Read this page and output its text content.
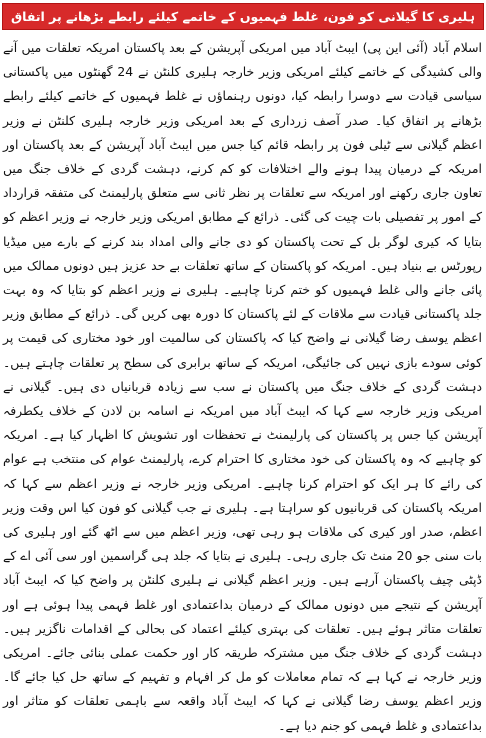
ہلیری کا گیلانی کو فون، غلط فہمیوں کے خاتمے کیلئے رابطے بڑھانے پر اتفاق

اسلام آباد (آئی این پی) ایبٹ آباد میں امریکی آپریشن کے بعد پاکستان امریکہ تعلقات میں آنے والی کشیدگی کے خاتمے کیلئے امریکی وزیر خارجہ ہلیری کلنٹن نے 24 گھنٹوں میں پاکستانی سیاسی قیادت سے دوسرا رابطہ کیا، دونوں رہنماؤں نے غلط فہمیوں کے خاتمے کیلئے رابطے بڑھانے پر اتفاق کیا۔ صدر آصف زرداری کے بعد امریکی وزیر خارجہ ہلیری کلنٹن نے وزیر اعظم گیلانی سے ٹیلی فون پر رابطہ قائم کیا جس میں ایبٹ آباد آپریشن کے بعد پاکستان اور امریکہ کے درمیان پیدا ہونے والے اختلافات کو کم کرنے، دہشت گردی کے خلاف جنگ میں تعاون جاری رکھنے اور امریکہ سے تعلقات پر نظر ثانی سے متعلق پارلیمنٹ کی متفقہ قرارداد کے امور پر تفصیلی بات چیت کی گئی۔ ذرائع کے مطابق امریکی وزیر خارجہ نے وزیر اعظم کو بتایا کہ کیری لوگر بل کے تحت پاکستان کو دی جانے والی امداد بند کرنے کے بارے میں میڈیا رپورٹس بے بنیاد ہیں۔ امریکہ کو پاکستان کے ساتھ تعلقات بے حد عزیز ہیں دونوں ممالک میں پائی جانے والی غلط فہمیوں کو ختم کرنا چاہیے۔ ہلیری نے وزیر اعظم کو بتایا کہ وہ بہت جلد پاکستانی قیادت سے ملاقات کے لئے پاکستان کا دورہ بھی کریں گی۔ ذرائع کے مطابق وزیر اعظم یوسف رضا گیلانی نے واضح کیا کہ پاکستان کی سالمیت اور خود مختاری کی قیمت پر کوئی سودے بازی نہیں کی جائیگی، امریکہ کے ساتھ برابری کی سطح پر تعلقات چاہتے ہیں۔ دہشت گردی کے خلاف جنگ میں پاکستان نے سب سے زیادہ قربانیاں دی ہیں۔ گیلانی نے امریکی وزیر خارجہ سے کہا کہ ایبٹ آباد میں امریکہ نے اسامہ بن لادن کے خلاف یکطرفہ آپریشن کیا جس پر پاکستان کی پارلیمنٹ نے تحفظات اور تشویش کا اظہار کیا ہے۔ امریکہ کو چاہیے کہ وہ پاکستان کی خود مختاری کا احترام کرے، پارلیمنٹ عوام کی منتخب ہے عوام کی رائے کا ہر ایک کو احترام کرنا چاہیے۔ امریکی وزیر خارجہ نے وزیر اعظم سے کہا کہ امریکہ پاکستان کی قربانیوں کو سراہتا ہے۔ ہلیری نے جب گیلانی کو فون کیا اس وقت وزیر اعظم، صدر اور کیری کی ملاقات ہو رہی تھی، وزیر اعظم میں سے اٹھ گئے اور ہلیری کی بات سنی جو 20 منٹ تک جاری رہی۔ ہلیری نے بتایا کہ جلد ہی گراسمین اور سی آئی اے کے ڈپٹی چیف پاکستان آرہے ہیں۔ وزیر اعظم گیلانی نے ہلیری کلنٹن پر واضح کیا کہ ایبٹ آباد آپریشن کے نتیجے میں دونوں ممالک کے درمیان بداعتمادی اور غلط فہمی پیدا ہوئی ہے اور تعلقات متاثر ہوئے ہیں۔ تعلقات کی بہتری کیلئے اعتماد کی بحالی کے اقدامات ناگزیر ہیں۔ دہشت گردی کے خلاف جنگ میں مشترکہ طریقہ کار اور حکمت عملی بنائی جائے۔ امریکی وزیر خارجہ نے کہا ہے کہ تمام معاملات کو مل کر افہام و تفہیم کے ساتھ حل کیا جائے گا۔ وزیر اعظم یوسف رضا گیلانی نے کہا کہ ایبٹ آباد واقعہ سے باہمی تعلقات کو متاثر اور بداعتمادی و غلط فہمی کو جنم دیا ہے۔
